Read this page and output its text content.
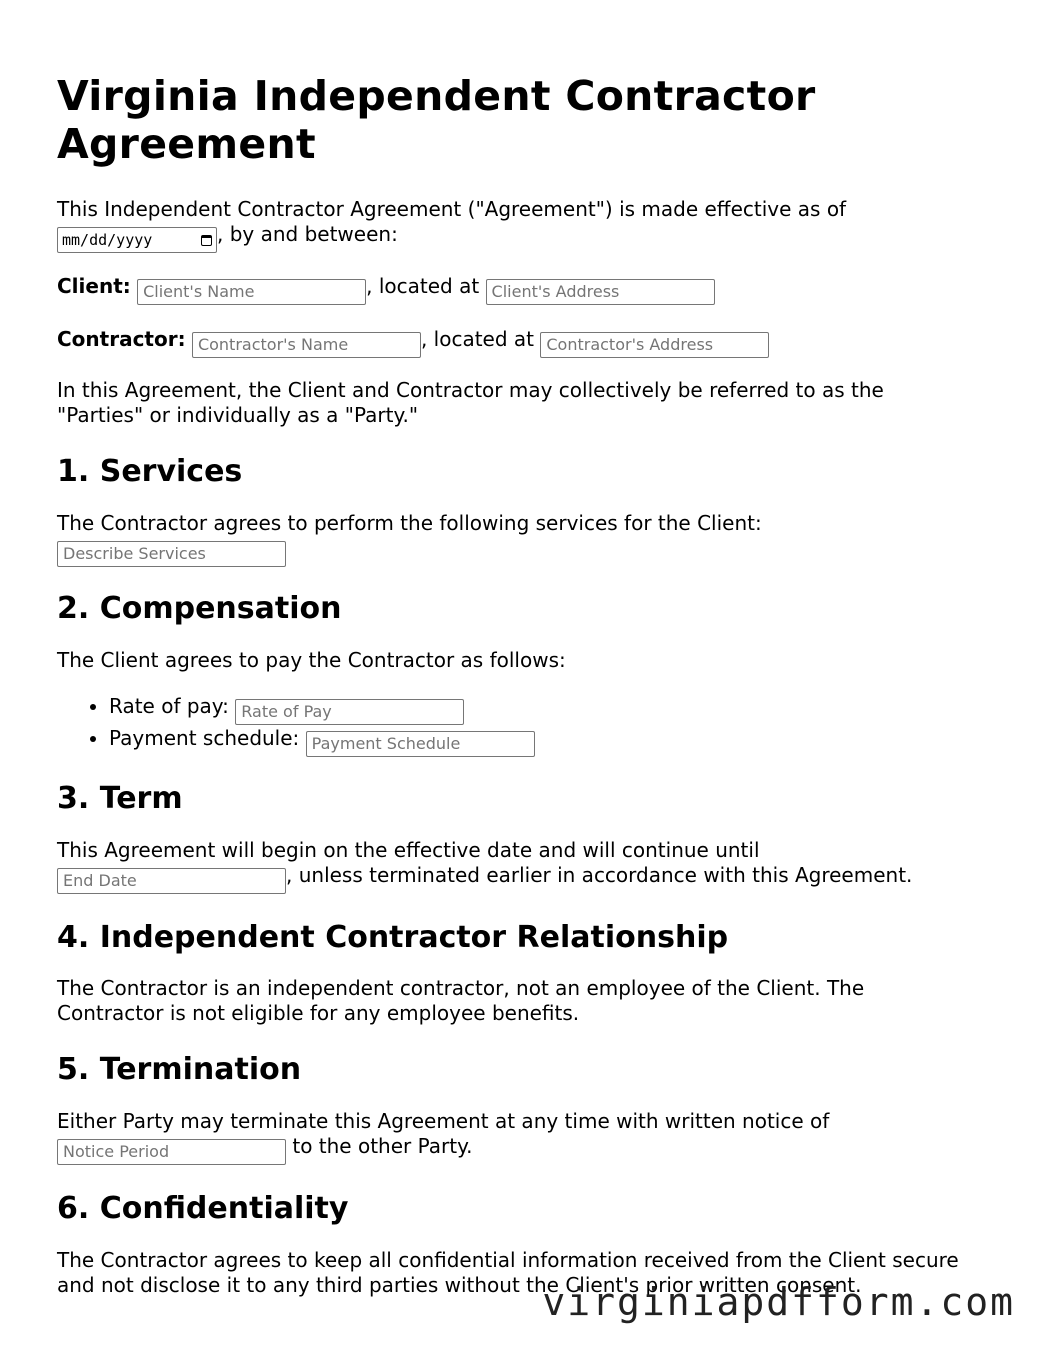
Virginia Independent Contractor Agreement

This Independent Contractor Agreement ("Agreement") is made effective as of

mm/dd/yyyy	, by and between:

Client: Client's Name	, located at Client's Address

Contractor: Contractor's Name	, located at Contractor's Address

In this Agreement, the Client and Contractor may collectively be referred to as the "Parties" or individually as a "Party."

1. Services

The Contractor agrees to perform the following services for the Client:
Describe Services

2. Compensation

The Client agrees to pay the Contractor as follows:

• Rate of pay: Rate of Pay
• Payment schedule: Payment Schedule
3. Term

This Agreement will begin on the effective date and will continue until
End Date	, unless terminated earlier in accordance with this Agreement.

4. Independent Contractor Relationship

The Contractor is an independent contractor, not an employee of the Client. The Contractor is not eligible for any employee benefits.

5. Termination

Either Party may terminate this Agreement at any time with written notice of
Notice Period	to the other Party.

6. Confidentiality

The Contractor agrees to keep all confidential information received from the Client secure and not disclose it to any third parties without the Client's prior written consent.

virginiapdfform.com
